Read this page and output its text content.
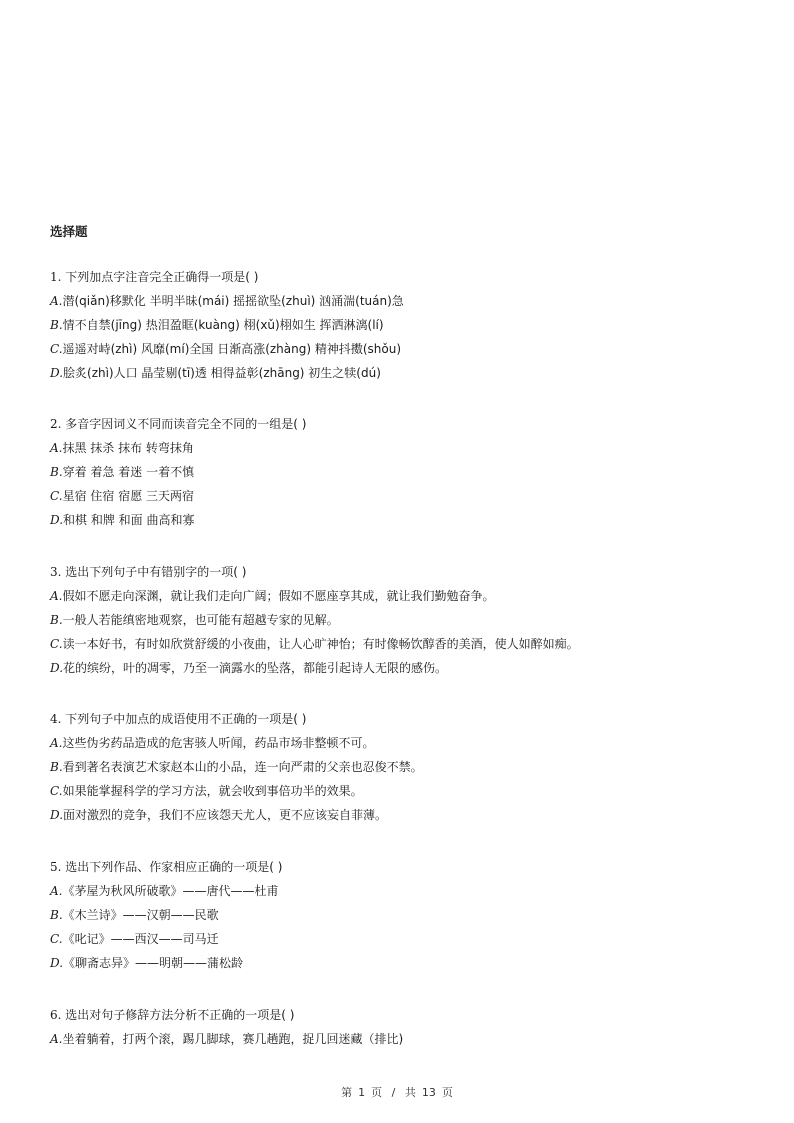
选择题
1. 下列加点字注音完全正确得一项是( )
A.潜(qiǎn)移默化 半明半昧(mái) 摇摇欲坠(zhuì) 汹涌湍(tuán)急
B.情不自禁(jīng) 热泪盈眶(kuàng) 栩(xǔ)栩如生 挥洒淋漓(lí)
C.遥遥对峙(zhì) 风靡(mí)全国 日渐高涨(zhàng) 精神抖擞(shǒu)
D.脍炙(zhì)人口 晶莹剔(tī)透 相得益彰(zhāng) 初生之犊(dú)
2. 多音字因词义不同而读音完全不同的一组是( )
A.抹黑 抹杀 抹布 转弯抹角
B.穿着 着急 着迷 一着不慎
C.星宿 住宿 宿愿 三天两宿
D.和棋 和牌 和面 曲高和寡
3. 选出下列句子中有错别字的一项( )
A.假如不愿走向深渊，就让我们走向广阔；假如不愿座享其成，就让我们勤勉奋争。
B.一般人若能缜密地观察，也可能有超越专家的见解。
C.读一本好书，有时如欣赏舒缓的小夜曲，让人心旷神怡；有时像畅饮醇香的美酒，使人如醉如痴。
D.花的缤纷，叶的凋零，乃至一滴露水的坠落，都能引起诗人无限的感伤。
4. 下列句子中加点的成语使用不正确的一项是( )
A.这些伪劣药品造成的危害骇人听闻，药品市场非整顿不可。
B.看到著名表演艺术家赵本山的小品，连一向严肃的父亲也忍俊不禁。
C.如果能掌握科学的学习方法，就会收到事倍功半的效果。
D.面对激烈的竞争，我们不应该怨天尤人，更不应该妄自菲薄。
5. 选出下列作品、作家相应正确的一项是( )
A.《茅屋为秋风所破歌》——唐代——杜甫
B.《木兰诗》——汉朝——民歌
C.《叱记》——西汉——司马迁
D.《聊斋志异》——明朝——蒲松龄
6. 选出对句子修辞方法分析不正确的一项是( )
A.坐着躺着，打两个滚，踢几脚球，赛几趟跑，捉几回迷藏（排比)
第 1 页 / 共 13 页
